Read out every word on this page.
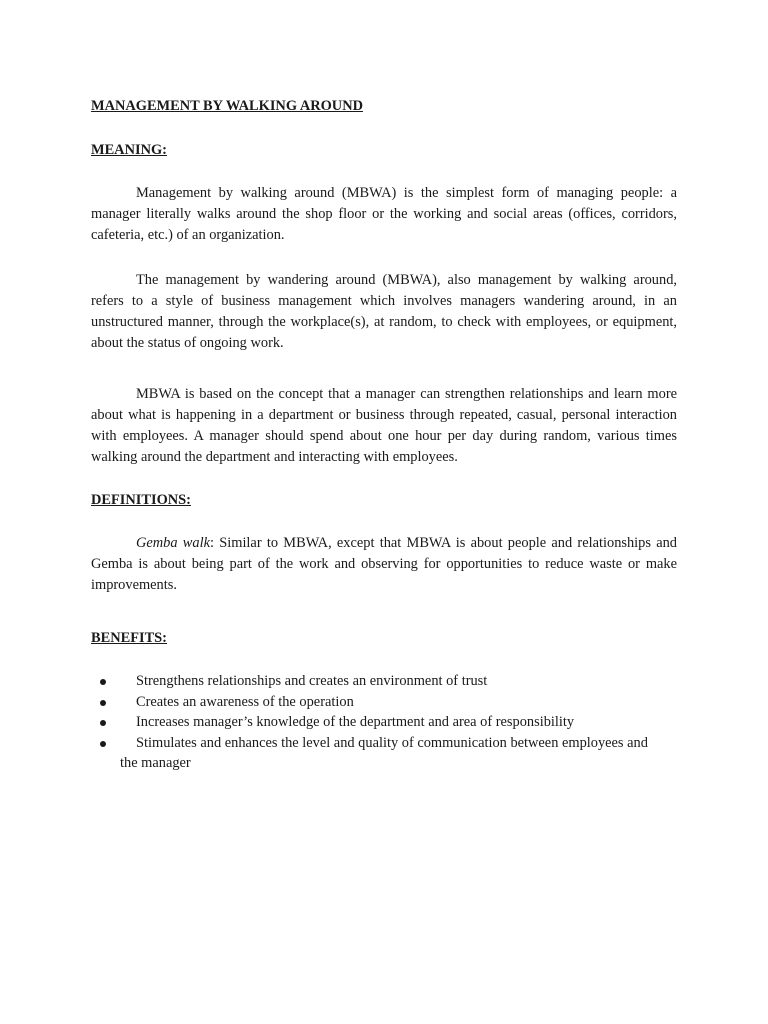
MANAGEMENT BY WALKING AROUND

MEANING:

Management by walking around (MBWA) is the simplest form of managing people: a manager literally walks around the shop floor or the working and social areas (offices, corridors, cafeteria, etc.) of an organization.

The management by wandering around (MBWA), also management by walking around, refers to a style of business management which involves managers wandering around, in an unstructured manner, through the workplace(s), at random, to check with employees, or equipment, about the status of ongoing work.

MBWA is based on the concept that a manager can strengthen relationships and learn more about what is happening in a department or business through repeated, casual, personal interaction with employees. A manager should spend about one hour per day during random, various times walking around the department and interacting with employees.

DEFINITIONS:

Gemba walk: Similar to MBWA, except that MBWA is about people and relationships and Gemba is about being part of the work and observing for opportunities to reduce waste or make improvements.

BENEFITS:

Strengthens relationships and creates an environment of trust
Creates an awareness of the operation
Increases manager’s knowledge of the department and area of responsibility
Stimulates and enhances the level and quality of communication between employees and
the manager
